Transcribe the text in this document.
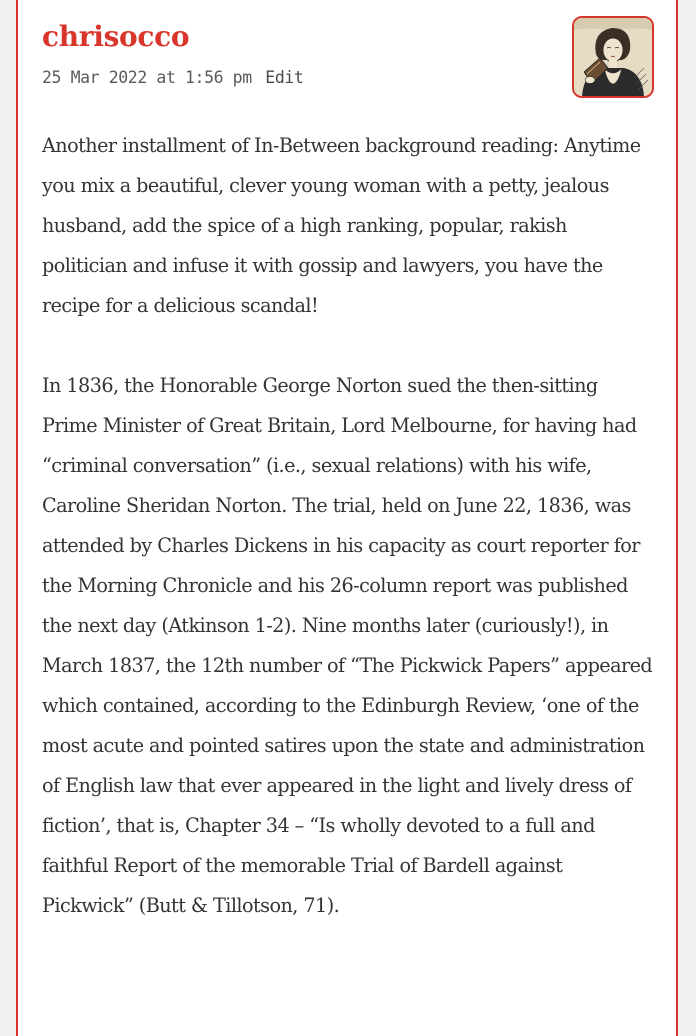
chrisocco
25 Mar 2022 at 1:56 pm Edit

Another installment of In-Between background reading: Anytime you mix a beautiful, clever young woman with a petty, jealous husband, add the spice of a high ranking, popular, rakish politician and infuse it with gossip and lawyers, you have the recipe for a delicious scandal!

In 1836, the Honorable George Norton sued the then-sitting Prime Minister of Great Britain, Lord Melbourne, for having had “criminal conversation” (i.e., sexual relations) with his wife, Caroline Sheridan Norton. The trial, held on June 22, 1836, was attended by Charles Dickens in his capacity as court reporter for the Morning Chronicle and his 26-column report was published the next day (Atkinson 1-2). Nine months later (curiously!), in March 1837, the 12th number of “The Pickwick Papers” appeared which contained, according to the Edinburgh Review, ‘one of the most acute and pointed satires upon the state and administration of English law that ever appeared in the light and lively dress of fiction’, that is, Chapter 34 – “Is wholly devoted to a full and faithful Report of the memorable Trial of Bardell against Pickwick” (Butt & Tillotson, 71).
